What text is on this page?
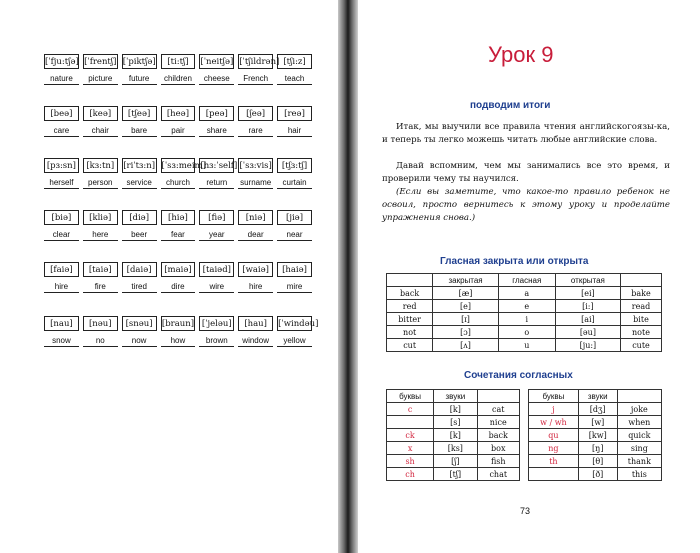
[ˈfju:tʃə]	[ˈfrentʃ]	[ˈpiktʃə]	[ti:tʃ]	[ˈneitʃə]	[ˈtʃildrən]	[tʃi:z]
nature	picture	future	children	cheese	French	teach
[beə]	[keə]	[tʃeə]	[heə]	[peə]	[ʃeə]	[reə]
care	chair	bare	pair	share	rare	hair
[pɜ:sn]	[kɜ:tn]	[riˈtɜ:n]	[ˈsɜ:meim]	[hɜ:ˈself]	[ˈsɜ:vis]	[tʃɜ:tʃ]
herself	person	service	church	return	surname	curtain
[biə]	[kliə]	[diə]	[hiə]	[fiə]	[niə]	[jiə]
clear	here	beer	fear	year	dear	near
[faiə]	[taiə]	[daiə]	[maiə]	[taiəd]	[waiə]	[haiə]
hire	fire	tired	dire	wire	hire	mire
[nau]	[nəu]	[snəu]	[braun]	[ˈjeləu]	[hau]	[ˈwindəu]
snow	no	now	how	brown	window	yellow
Урок 9
подводим итоги
Итак, мы выучили все правила чтения английскогоязы-ка, и теперь ты легко можешь читать любые английские слова.
Давай вспомним, чем мы занимались все это время, и проверили чему ты научился.
(Если вы заметите, что какое-то правило ребенок не освоил, просто вернитесь к этому уроку и проделайте упражнения снова.)
Гласная закрыта или открыта
	закрытая	гласная	открытая	
back	[æ]	a	[ei]	bake
red	[e]	e	[i:]	read
bitter	[ɪ]	i	[ai]	bite
not	[ɔ]	o	[əu]	note
cut	[ʌ]	u	[ju:]	cute
Сочетания согласных
буквы	звуки	
c	[k]	cat
	[s]	nice
ck	[k]	back
x	[ks]	box
sh	[ʃ]	fish
ch	[tʃ]	chat
буквы	звуки	
j	[dʒ]	joke
w / wh	[w]	when
qu	[kw]	quick
ng	[ŋ]	sing
th	[θ]	thank
	[ð]	this
73
